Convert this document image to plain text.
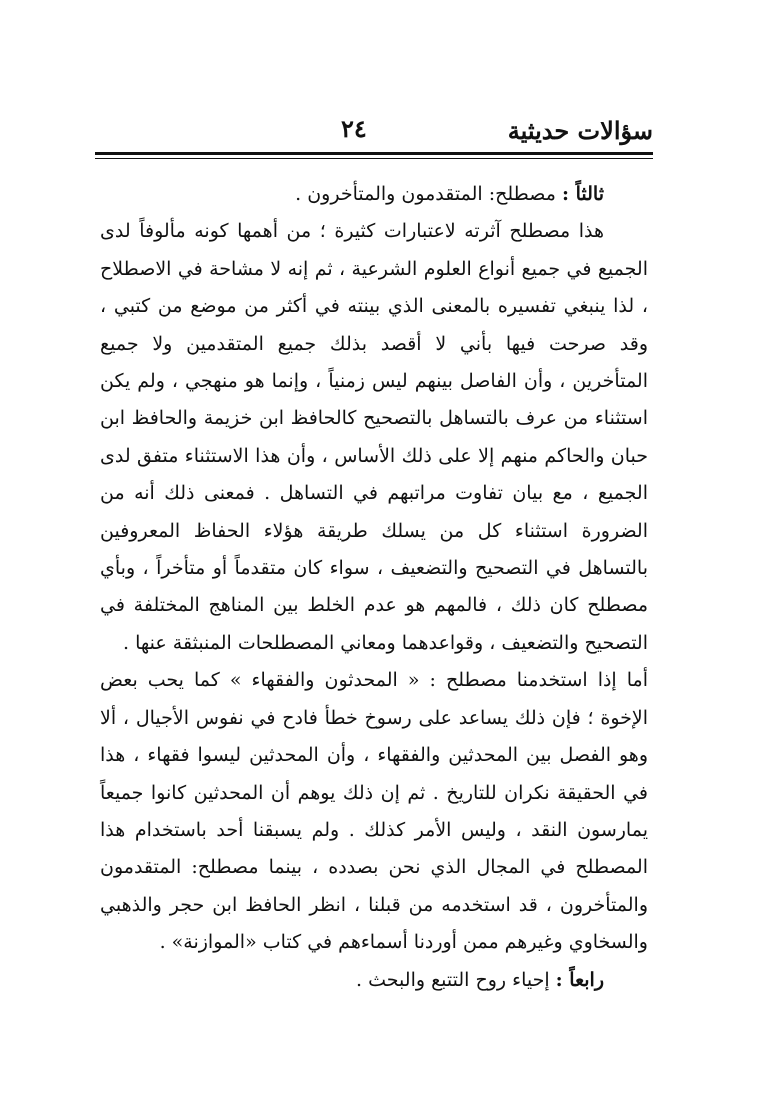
سؤالات حديثية
٢٤

ثالثاً : مصطلح: المتقدمون والمتأخرون .

هذا مصطلح آثرته لاعتبارات كثيرة ؛ من أهمها كونه مألوفاً لدى الجميع في جميع أنواع العلوم الشرعية ، ثم إنه لا مشاحة في الاصطلاح ، لذا ينبغي تفسيره بالمعنى الذي بينته في أكثر من موضع من كتبي ، وقد صرحت فيها بأني لا أقصد بذلك جميع المتقدمين ولا جميع المتأخرين ، وأن الفاصل بينهم ليس زمنياً ، وإنما هو منهجي ، ولم يكن استثناء من عرف بالتساهل بالتصحيح كالحافظ ابن خزيمة والحافظ ابن حبان والحاكم منهم إلا على ذلك الأساس ، وأن هذا الاستثناء متفق لدى الجميع ، مع بيان تفاوت مراتبهم في التساهل . فمعنى ذلك أنه من الضرورة استثناء كل من يسلك طريقة هؤلاء الحفاظ المعروفين بالتساهل في التصحيح والتضعيف ، سواء كان متقدماً أو متأخراً ، وبأي مصطلح كان ذلك ، فالمهم هو عدم الخلط بين المناهج المختلفة في التصحيح والتضعيف ، وقواعدهما ومعاني المصطلحات المنبثقة عنها .

أما إذا استخدمنا مصطلح : « المحدثون والفقهاء » كما يحب بعض الإخوة ؛ فإن ذلك يساعد على رسوخ خطأ فادح في نفوس الأجيال ، ألا وهو الفصل بين المحدثين والفقهاء ، وأن المحدثين ليسوا فقهاء ، هذا في الحقيقة نكران للتاريخ . ثم إن ذلك يوهم أن المحدثين كانوا جميعاً يمارسون النقد ، وليس الأمر كذلك . ولم يسبقنا أحد باستخدام هذا المصطلح في المجال الذي نحن بصدده ، بينما مصطلح: المتقدمون والمتأخرون ، قد استخدمه من قبلنا ، انظر الحافظ ابن حجر والذهبي والسخاوي وغيرهم ممن أوردنا أسماءهم في كتاب «الموازنة» .

رابعاً : إحياء روح التتبع والبحث .
